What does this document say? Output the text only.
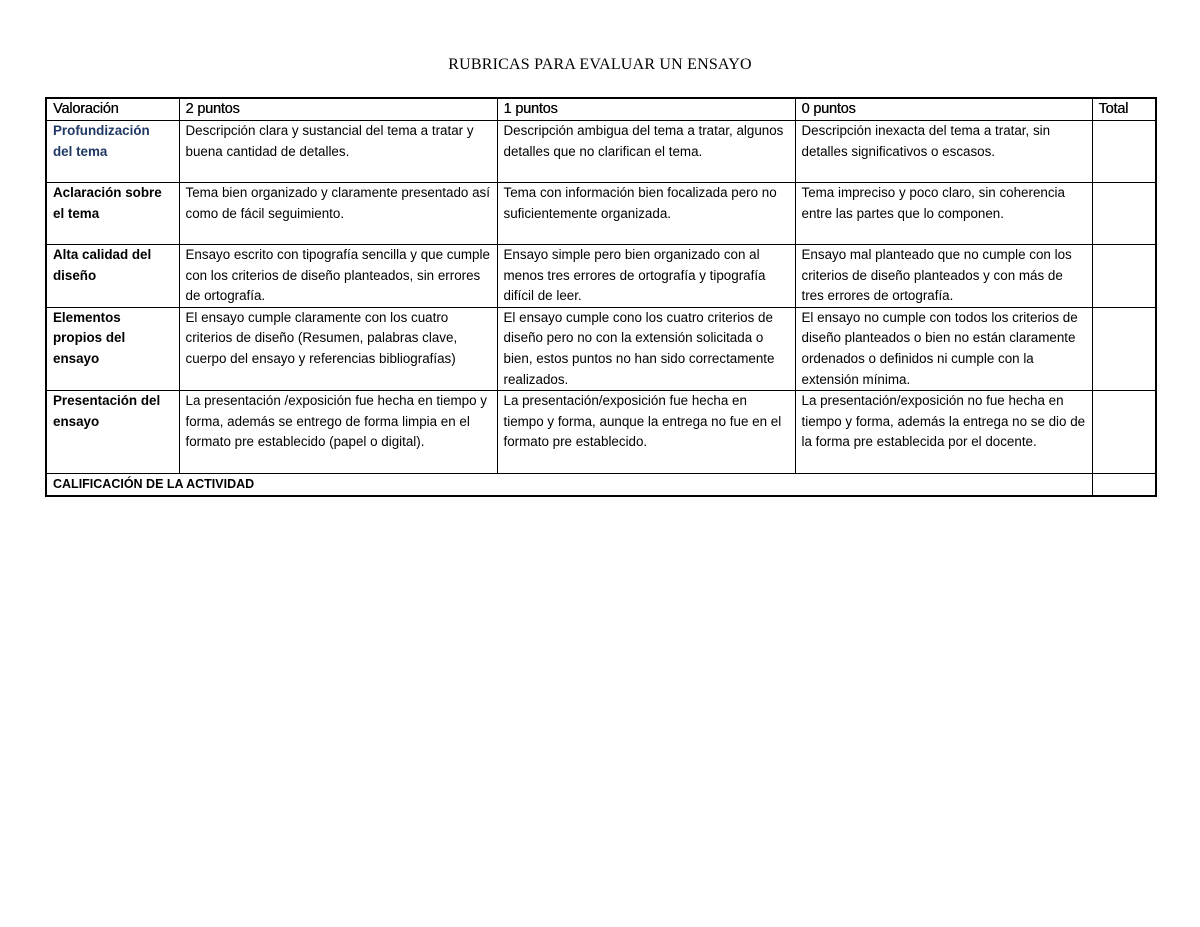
RUBRICAS PARA EVALUAR UN ENSAYO
Valoración	2 puntos	1 puntos	0 puntos	Total
Profundización del tema	Descripción clara y sustancial del tema a tratar y buena cantidad de detalles.	Descripción ambigua del tema a tratar, algunos detalles que no clarifican el tema.	Descripción inexacta del tema a tratar, sin detalles significativos o escasos.	
Aclaración sobre el tema	Tema bien organizado y claramente presentado así como de fácil seguimiento.	Tema con información bien focalizada pero no suficientemente organizada.	Tema impreciso y poco claro, sin coherencia entre las partes que lo componen.	
Alta calidad del diseño	Ensayo escrito con tipografía sencilla y que cumple con los criterios de diseño planteados, sin errores de ortografía.	Ensayo simple pero bien organizado con al menos tres errores de ortografía y tipografía difícil de leer.	Ensayo mal planteado que no cumple con los criterios de diseño planteados y con más de tres errores de ortografía.	
Elementos propios del ensayo	El ensayo cumple claramente con los cuatro criterios de diseño (Resumen, palabras clave, cuerpo del ensayo y referencias bibliografías)	El ensayo cumple cono los cuatro criterios de diseño pero no con la extensión solicitada o bien, estos puntos no han sido correctamente realizados.	El ensayo no cumple con todos los criterios de diseño planteados o bien no están claramente ordenados o definidos ni cumple con la extensión mínima.	
Presentación del ensayo	La presentación /exposición fue hecha en tiempo y forma, además se entrego de forma limpia en el formato pre establecido (papel o digital).	La presentación/exposición fue hecha en tiempo y forma, aunque la entrega no fue en el formato pre establecido.	La presentación/exposición no fue hecha en tiempo y forma, además la entrega no se dio de la forma pre establecida por el docente.	
CALIFICACIÓN DE LA ACTIVIDAD				
